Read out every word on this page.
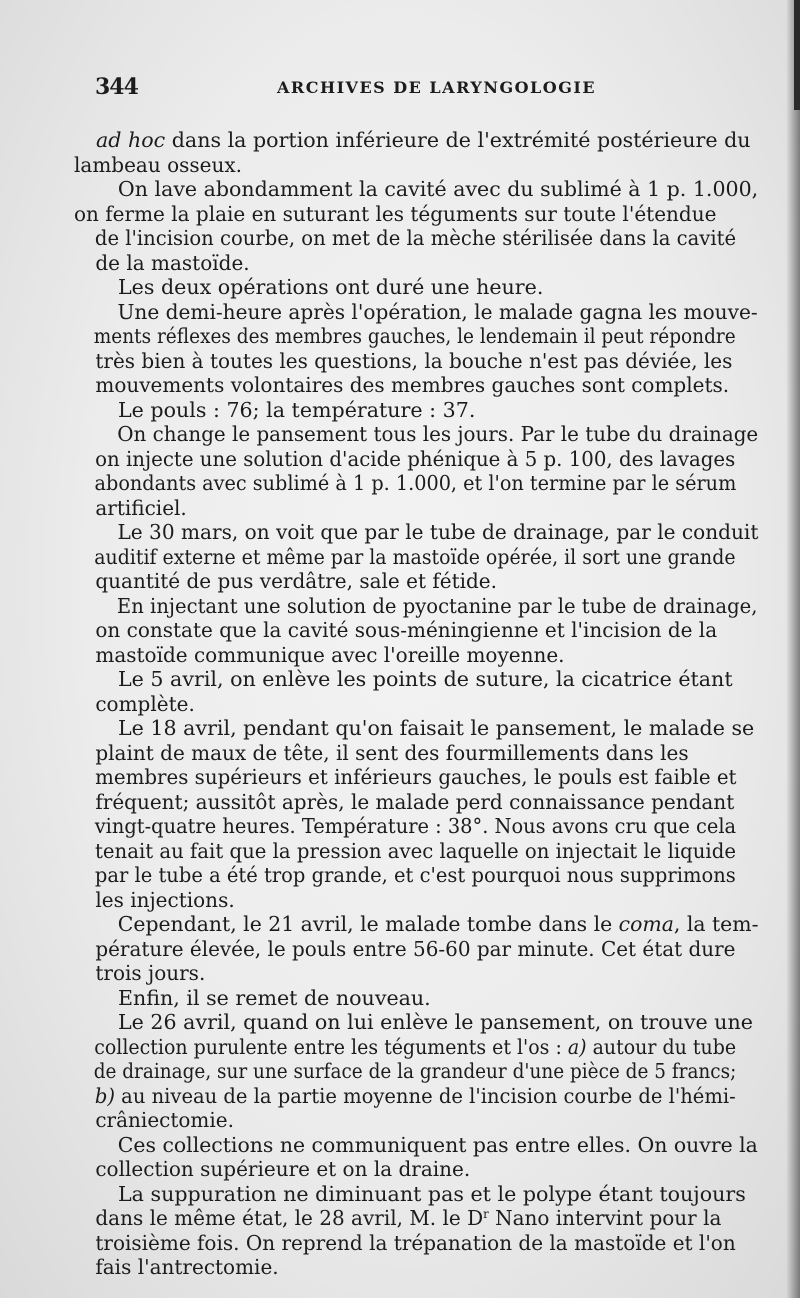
344	ARCHIVES DE LARYNGOLOGIE

ad hoc dans la portion inférieure de l'extrémité postérieure du
lambeau osseux.

On lave abondamment la cavité avec du sublimé à 1 p. 1.000,
on ferme la plaie en suturant les téguments sur toute l'étendue
de l'incision courbe, on met de la mèche stérilisée dans la cavité
de la mastoïde.

Les deux opérations ont duré une heure.

Une demi-heure après l'opération, le malade gagna les mouve-
ments réflexes des membres gauches, le lendemain il peut répondre
très bien à toutes les questions, la bouche n'est pas déviée, les
mouvements volontaires des membres gauches sont complets.

Le pouls : 76; la température : 37.

On change le pansement tous les jours. Par le tube du drainage
on injecte une solution d'acide phénique à 5 p. 100, des lavages
abondants avec sublimé à 1 p. 1.000, et l'on termine par le sérum
artificiel.

Le 30 mars, on voit que par le tube de drainage, par le conduit
auditif externe et même par la mastoïde opérée, il sort une grande
quantité de pus verdâtre, sale et fétide.

En injectant une solution de pyoctanine par le tube de drainage,
on constate que la cavité sous-méningienne et l'incision de la
mastoïde communique avec l'oreille moyenne.

Le 5 avril, on enlève les points de suture, la cicatrice étant
complète.

Le 18 avril, pendant qu'on faisait le pansement, le malade se
plaint de maux de tête, il sent des fourmillements dans les
membres supérieurs et inférieurs gauches, le pouls est faible et
fréquent; aussitôt après, le malade perd connaissance pendant
vingt-quatre heures. Température : 38°. Nous avons cru que cela
tenait au fait que la pression avec laquelle on injectait le liquide
par le tube a été trop grande, et c'est pourquoi nous supprimons
les injections.

Cependant, le 21 avril, le malade tombe dans le coma, la tem-
pérature élevée, le pouls entre 56-60 par minute. Cet état dure
trois jours.

Enfin, il se remet de nouveau.

Le 26 avril, quand on lui enlève le pansement, on trouve une
collection purulente entre les téguments et l'os : a) autour du tube
de drainage, sur une surface de la grandeur d'une pièce de 5 francs;
b) au niveau de la partie moyenne de l'incision courbe de l'hémi-
crâniectomie.

Ces collections ne communiquent pas entre elles. On ouvre la
collection supérieure et on la draine.

La suppuration ne diminuant pas et le polype étant toujours
dans le même état, le 28 avril, M. le $D^r$ Nano intervint pour la
troisième fois. On reprend la trépanation de la mastoïde et l'on
fais l'antrectomie.
